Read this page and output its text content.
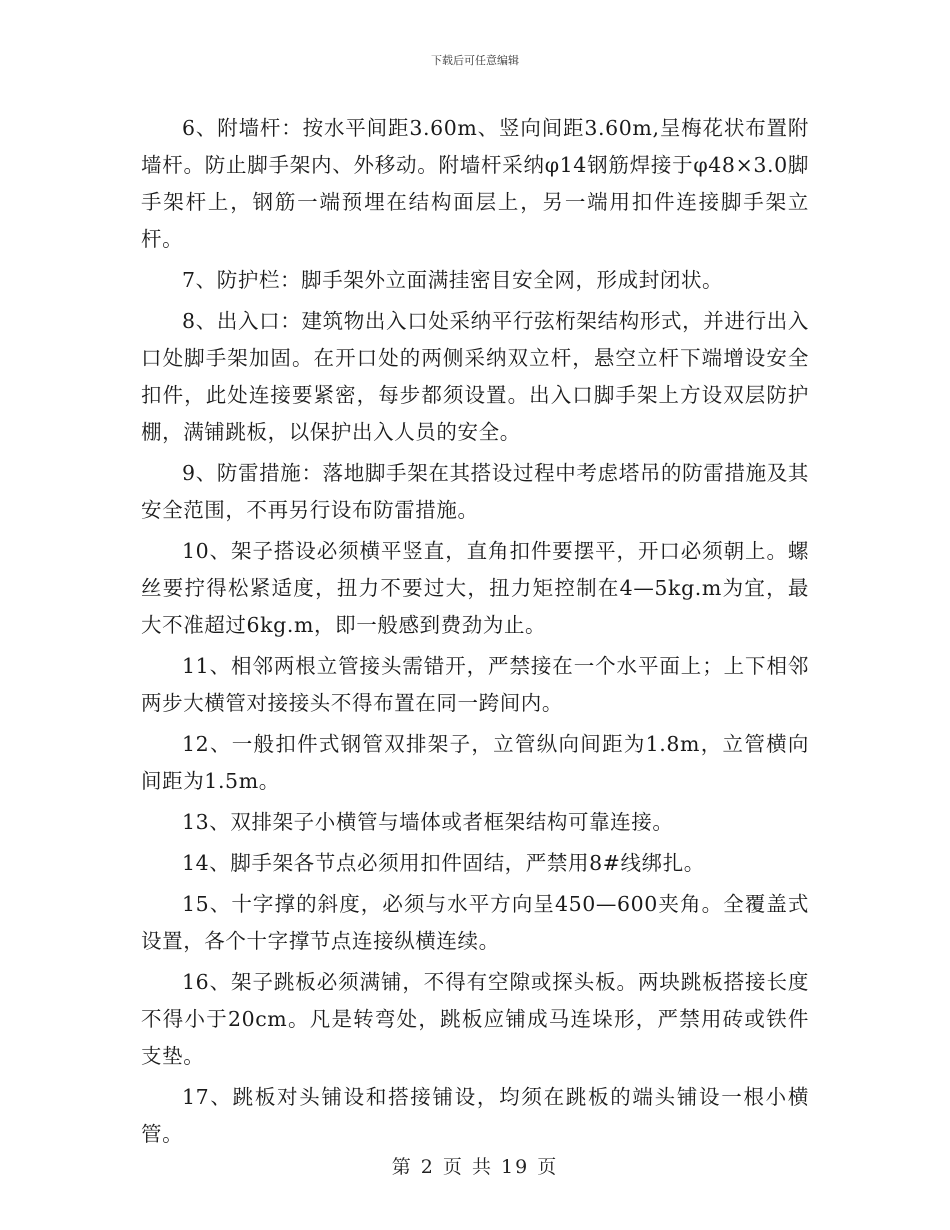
下载后可任意编辑

6、附墙杆：按水平间距3.60m、竖向间距3.60m,呈梅花状布置附墙杆。防止脚手架内、外移动。附墙杆采纳φ14钢筋焊接于φ48×3.0脚手架杆上，钢筋一端预埋在结构面层上，另一端用扣件连接脚手架立杆。

7、防护栏：脚手架外立面满挂密目安全网，形成封闭状。

8、出入口：建筑物出入口处采纳平行弦桁架结构形式，并进行出入口处脚手架加固。在开口处的两侧采纳双立杆，悬空立杆下端增设安全扣件，此处连接要紧密，每步都须设置。出入口脚手架上方设双层防护棚，满铺跳板，以保护出入人员的安全。

9、防雷措施：落地脚手架在其搭设过程中考虑塔吊的防雷措施及其安全范围，不再另行设布防雷措施。

10、架子搭设必须横平竖直，直角扣件要摆平，开口必须朝上。螺丝要拧得松紧适度，扭力不要过大，扭力矩控制在4—5kg.m为宜，最大不准超过6kg.m，即一般感到费劲为止。

11、相邻两根立管接头需错开，严禁接在一个水平面上；上下相邻两步大横管对接接头不得布置在同一跨间内。

12、一般扣件式钢管双排架子，立管纵向间距为1.8m，立管横向间距为1.5m。

13、双排架子小横管与墙体或者框架结构可靠连接。

14、脚手架各节点必须用扣件固结，严禁用8#线绑扎。

15、十字撑的斜度，必须与水平方向呈450—600夹角。全覆盖式设置，各个十字撑节点连接纵横连续。

16、架子跳板必须满铺，不得有空隙或探头板。两块跳板搭接长度不得小于20cm。凡是转弯处，跳板应铺成马连垛形，严禁用砖或铁件支垫。

17、跳板对头铺设和搭接铺设，均须在跳板的端头铺设一根小横管。

第 2 页 共 19 页
